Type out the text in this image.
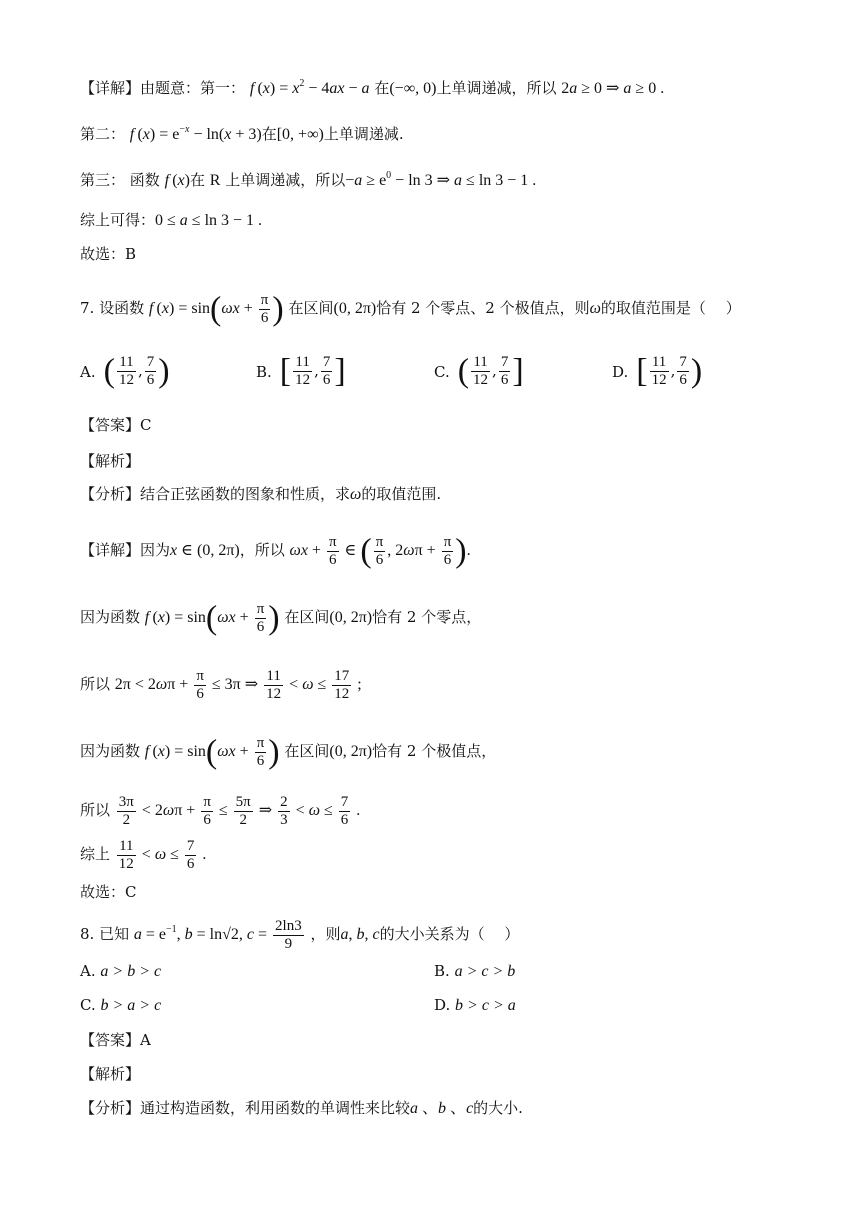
【详解】由题意：第一： f $(x) = x^2 - 4ax - a$ 在(−∞, 0)上单调递减，所以 2a ≥ 0 ⇒ a ≥ 0 .
第二： f $(x) = e^{-x} - \ln(x + 3)$在[0, +∞)上单调递减.
第三： 函数 f (x)在 R 上单调递减，所以$-a \ge e^0 - \ln 3$ ⇒ a ≤ ln 3 − 1 .
综上可得：0 ≤ a ≤ ln 3 − 1 .
故选：B
7. 设函数 f $(x) = \sin(\omega x + \frac{\pi}{6}$ ) 在区间(0, 2π)恰有 2 个零点、2 个极值点，则ω的取值范围是（　 ）
A. ( $\frac{11}{12}$ , $\frac{7}{6}$ )	B. [ $\frac{11}{12}$ , $\frac{7}{6}$ ]	C. ( $\frac{11}{12}$ , $\frac{7}{6}$ ]	D. [ $\frac{11}{12}$ , $\frac{7}{6}$ )
【答案】C
【解析】
【分析】结合正弦函数的图象和性质，求ω的取值范围.
【详解】因为x ∈ (0, 2π)，所以 $\omega x + \frac{\pi}{6}$ ∈ ( $\frac{\pi}{6}$ , $2\omega\pi + \frac{\pi}{6}$ ).
因为函数 f $(x) = \sin(\omega x + \frac{\pi}{6}$ ) 在区间(0, 2π)恰有 2 个零点，
所以 $2\pi < 2\omega\pi + \frac{\pi}{6} \le 3\pi$ ⇒ $\frac{11}{12} < \omega \le \frac{17}{12}$ ;
因为函数 f $(x) = \sin(\omega x + \frac{\pi}{6}$ ) 在区间(0, 2π)恰有 2 个极值点，
所以 $\frac{3\pi}{2} < 2\omega\pi + \frac{\pi}{6} \le \frac{5\pi}{2}$ ⇒ $\frac{2}{3} < \omega \le \frac{7}{6}$ .
综上 $\frac{11}{12} < \omega \le \frac{7}{6}$ .
故选：C
8. 已知 $a = e^{-1}$, b = ln√2, $c = \frac{2\ln 3}{9}$ ，则a, b, c的大小关系为（　 ）
A. a > b > c	B. a > c > b
C. b > a > c	D. b > c > a
【答案】A
【解析】
【分析】通过构造函数，利用函数的单调性来比较a 、b 、c的大小.
